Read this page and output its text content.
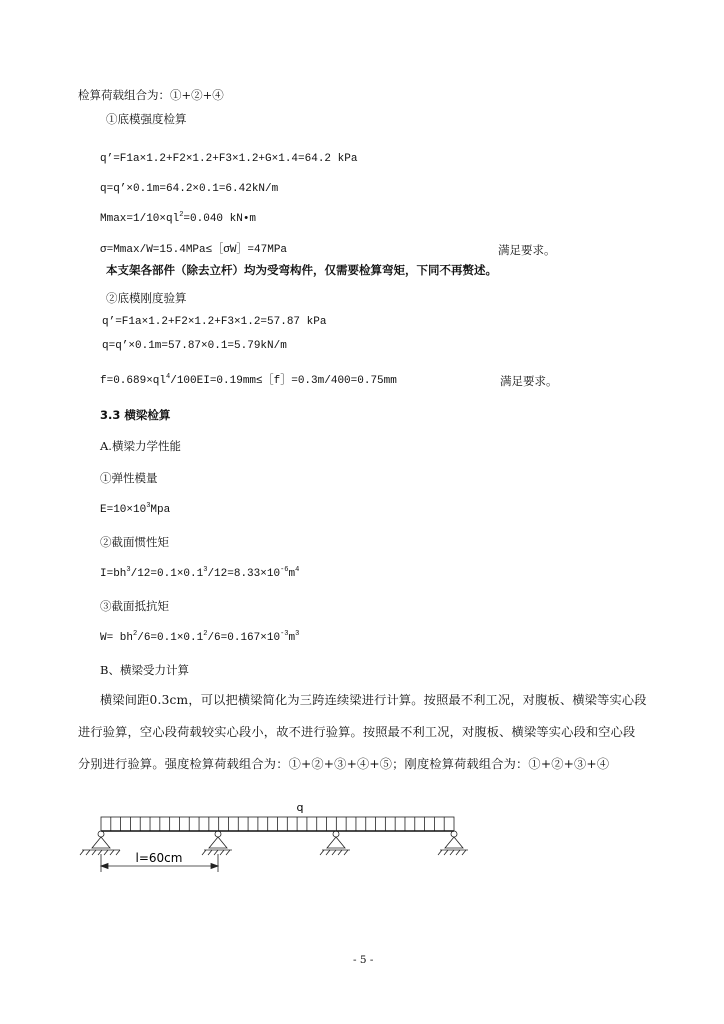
检算荷载组合为：①+②+④
①底模强度检算
q’=F1a×1.2+F2×1.2+F3×1.2+G×1.4=64.2 kPa
q=q’×0.1m=64.2×0.1=6.42kN/m
$Mmax=1/10\times ql^2=0.040$ kN•m
σ=Mmax/W=15.4MPa≤［σW］=47MPa	满足要求。
本支架各部件（除去立杆）均为受弯构件，仅需要检算弯矩，下同不再赘述。
②底模刚度验算
q’=F1a×1.2+F2×1.2+F3×1.2=57.87 kPa
q=q’×0.1m=57.87×0.1=5.79kN/m
$f=0.689\times ql^4/100EI=0.19mm\le[f]=0.3m/400=0.75mm$	满足要求。
3.3 横梁检算
A.横梁力学性能
①弹性模量
$E=10\times 10^3Mpa$
②截面惯性矩
$I=bh^3/12=0.1\times 0.1^3/12=8.33\times 10^{-6}m^4$
③截面抵抗矩
$W= bh^2/6=0.1\times 0.1^2/6=0.167\times 10^{-3}m^3$
B、横梁受力计算
横梁间距0.3cm，可以把横梁简化为三跨连续梁进行计算。按照最不利工况，对腹板、横梁等实心段
进行验算，空心段荷载较实心段小，故不进行验算。按照最不利工况，对腹板、横梁等实心段和空心段
分别进行验算。强度检算荷载组合为：①+②+③+④+⑤；刚度检算荷载组合为：①+②+③+④
q
l=60cm
- 5 -
